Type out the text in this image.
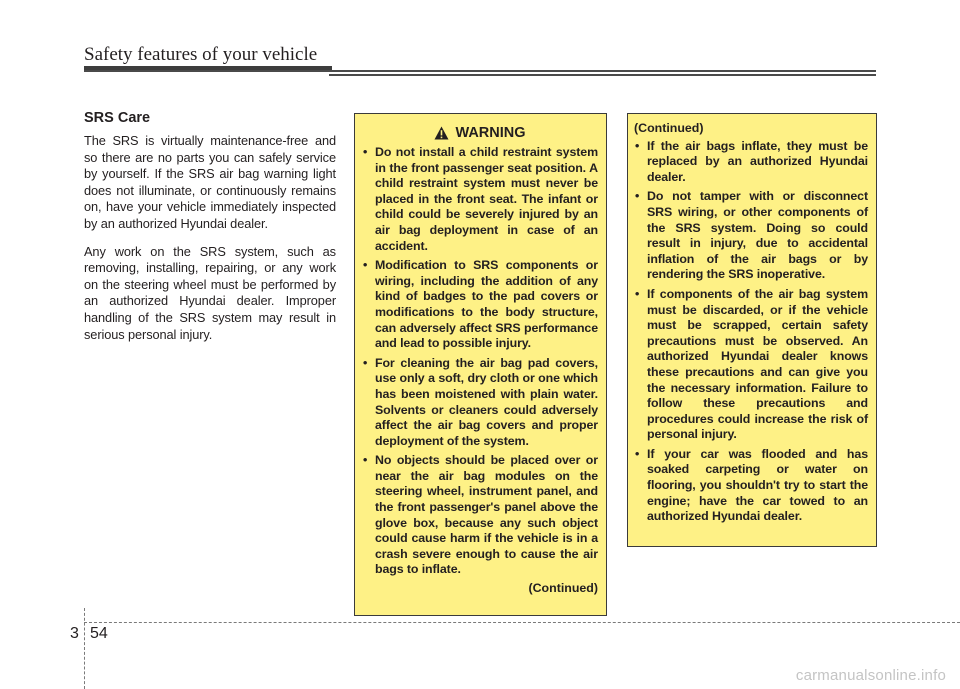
Safety features of your vehicle
SRS Care

The SRS is virtually maintenance-free and so there are no parts you can safely service by yourself. If the SRS air bag warning light does not illuminate, or continuously remains on, have your vehicle immediately inspected by an authorized Hyundai dealer.

Any work on the SRS system, such as removing, installing, repairing, or any work on the steering wheel must be performed by an authorized Hyundai dealer. Improper handling of the SRS system may result in serious personal injury.

WARNING
• Do not install a child restraint system in the front passenger seat position. A child restraint system must never be placed in the front seat. The infant or child could be severely injured by an air bag deployment in case of an accident.
• Modification to SRS components or wiring, including the addition of any kind of badges to the pad covers or modifications to the body structure, can adversely affect SRS performance and lead to possible injury.
• For cleaning the air bag pad covers, use only a soft, dry cloth or one which has been moistened with plain water. Solvents or cleaners could adversely affect the air bag covers and proper deployment of the system.
• No objects should be placed over or near the air bag modules on the steering wheel, instrument panel, and the front passenger's panel above the glove box, because any such object could cause harm if the vehicle is in a crash severe enough to cause the air bags to inflate.
(Continued)
(Continued)
• If the air bags inflate, they must be replaced by an authorized Hyundai dealer.
• Do not tamper with or disconnect SRS wiring, or other components of the SRS system. Doing so could result in injury, due to accidental inflation of the air bags or by rendering the SRS inoperative.
• If components of the air bag system must be discarded, or if the vehicle must be scrapped, certain safety precautions must be observed. An authorized Hyundai dealer knows these precautions and can give you the necessary information. Failure to follow these precautions and procedures could increase the risk of personal injury.
• If your car was flooded and has soaked carpeting or water on flooring, you shouldn't try to start the engine; have the car towed to an authorized Hyundai dealer.
3 54
carmanualsonline.info
